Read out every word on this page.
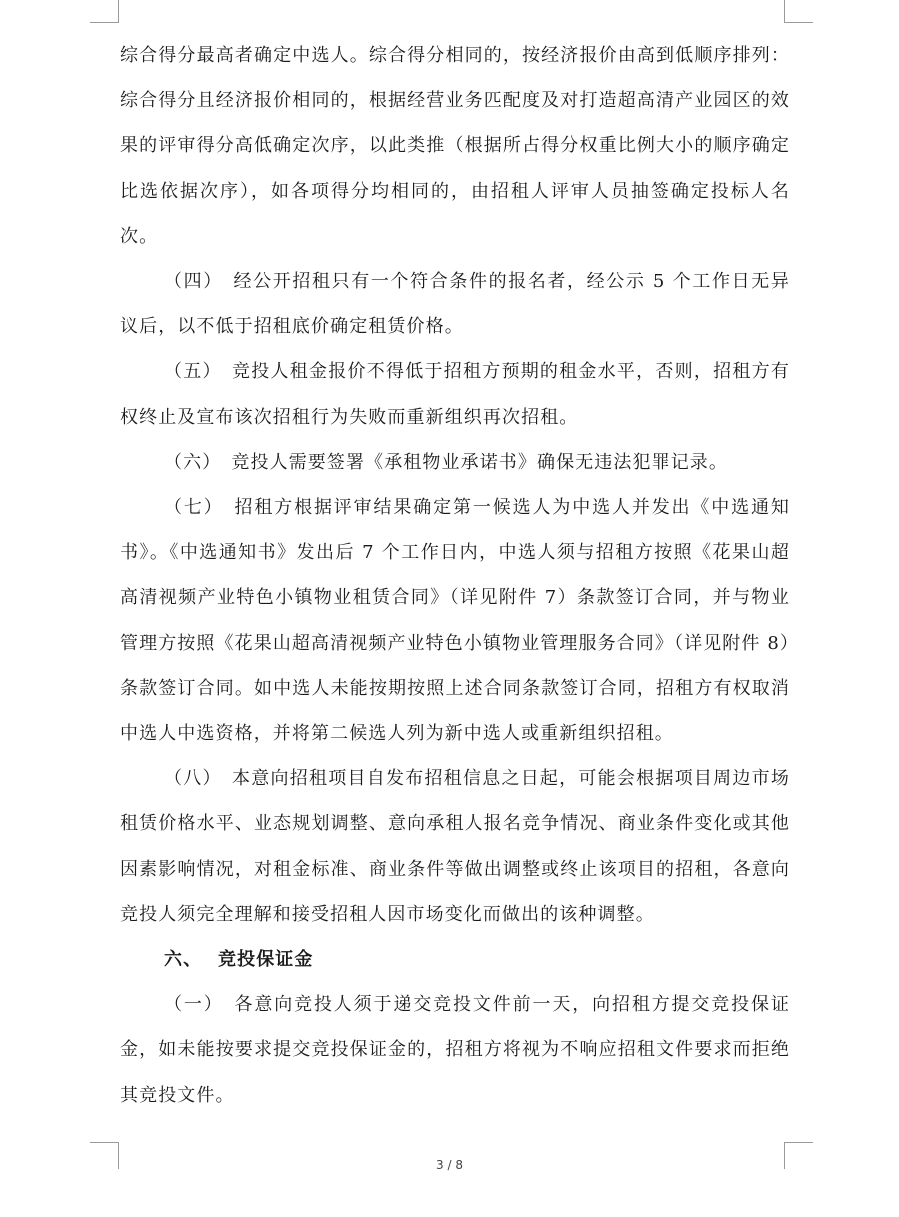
综合得分最高者确定中选人。综合得分相同的，按经济报价由高到低顺序排列：综合得分且经济报价相同的，根据经营业务匹配度及对打造超高清产业园区的效果的评审得分高低确定次序，以此类推（根据所占得分权重比例大小的顺序确定比选依据次序），如各项得分均相同的，由招租人评审人员抽签确定投标人名次。

（四）　经公开招租只有一个符合条件的报名者，经公示 5 个工作日无异议后，以不低于招租底价确定租赁价格。

（五）　竞投人租金报价不得低于招租方预期的租金水平，否则，招租方有权终止及宣布该次招租行为失败而重新组织再次招租。

（六）　竞投人需要签署《承租物业承诺书》确保无违法犯罪记录。

（七）　招租方根据评审结果确定第一候选人为中选人并发出《中选通知书》。《中选通知书》发出后 7 个工作日内，中选人须与招租方按照《花果山超高清视频产业特色小镇物业租赁合同》（详见附件 7）条款签订合同，并与物业管理方按照《花果山超高清视频产业特色小镇物业管理服务合同》（详见附件 8）条款签订合同。如中选人未能按期按照上述合同条款签订合同，招租方有权取消中选人中选资格，并将第二候选人列为新中选人或重新组织招租。

（八）　本意向招租项目自发布招租信息之日起，可能会根据项目周边市场租赁价格水平、业态规划调整、意向承租人报名竞争情况、商业条件变化或其他因素影响情况，对租金标准、商业条件等做出调整或终止该项目的招租，各意向竞投人须完全理解和接受招租人因市场变化而做出的该种调整。

六、 竞投保证金

（一）　各意向竞投人须于递交竞投文件前一天，向招租方提交竞投保证金，如未能按要求提交竞投保证金的，招租方将视为不响应招租文件要求而拒绝其竞投文件。

3 / 8
